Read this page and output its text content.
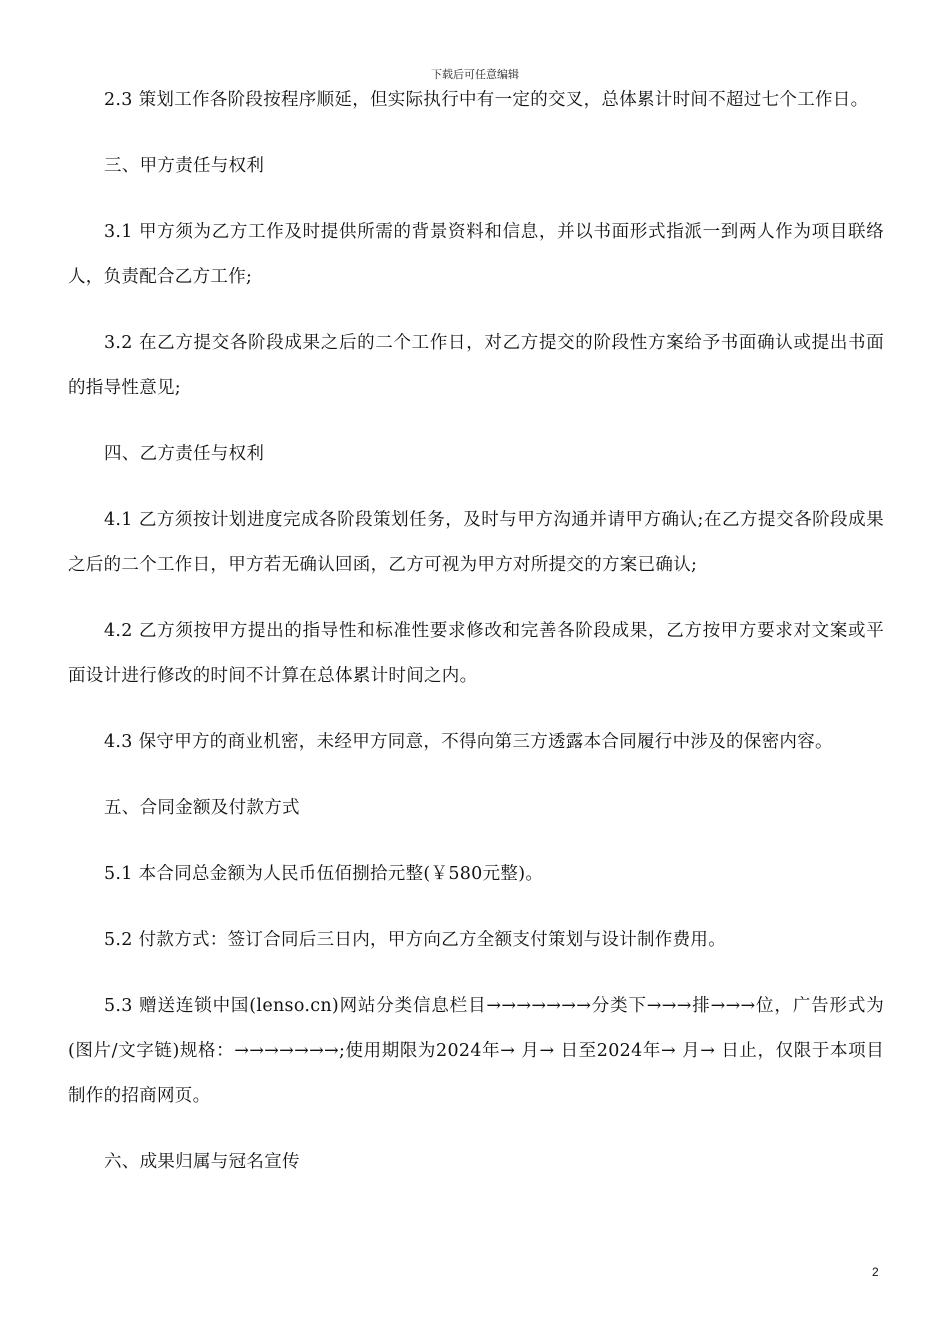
下载后可任意编辑

2.3 策划工作各阶段按程序顺延，但实际执行中有一定的交叉，总体累计时间不超过七个工作日。

三、甲方责任与权利

3.1 甲方须为乙方工作及时提供所需的背景资料和信息，并以书面形式指派一到两人作为项目联络人，负责配合乙方工作;

3.2 在乙方提交各阶段成果之后的二个工作日，对乙方提交的阶段性方案给予书面确认或提出书面的指导性意见;

四、乙方责任与权利

4.1 乙方须按计划进度完成各阶段策划任务，及时与甲方沟通并请甲方确认;在乙方提交各阶段成果之后的二个工作日，甲方若无确认回函，乙方可视为甲方对所提交的方案已确认;

4.2 乙方须按甲方提出的指导性和标准性要求修改和完善各阶段成果，乙方按甲方要求对文案或平面设计进行修改的时间不计算在总体累计时间之内。

4.3 保守甲方的商业机密，未经甲方同意，不得向第三方透露本合同履行中涉及的保密内容。

五、合同金额及付款方式

5.1 本合同总金额为人民币伍佰捌拾元整(￥580元整)。

5.2 付款方式：签订合同后三日内，甲方向乙方全额支付策划与设计制作费用。

5.3 赠送连锁中国(lenso.cn)网站分类信息栏目→→→→→→→分类下→→→排→→→位，广告形式为(图片/文字链)规格：→→→→→→→;使用期限为2024年→ 月→ 日至2024年→ 月→ 日止，仅限于本项目制作的招商网页。

六、成果归属与冠名宣传

2
